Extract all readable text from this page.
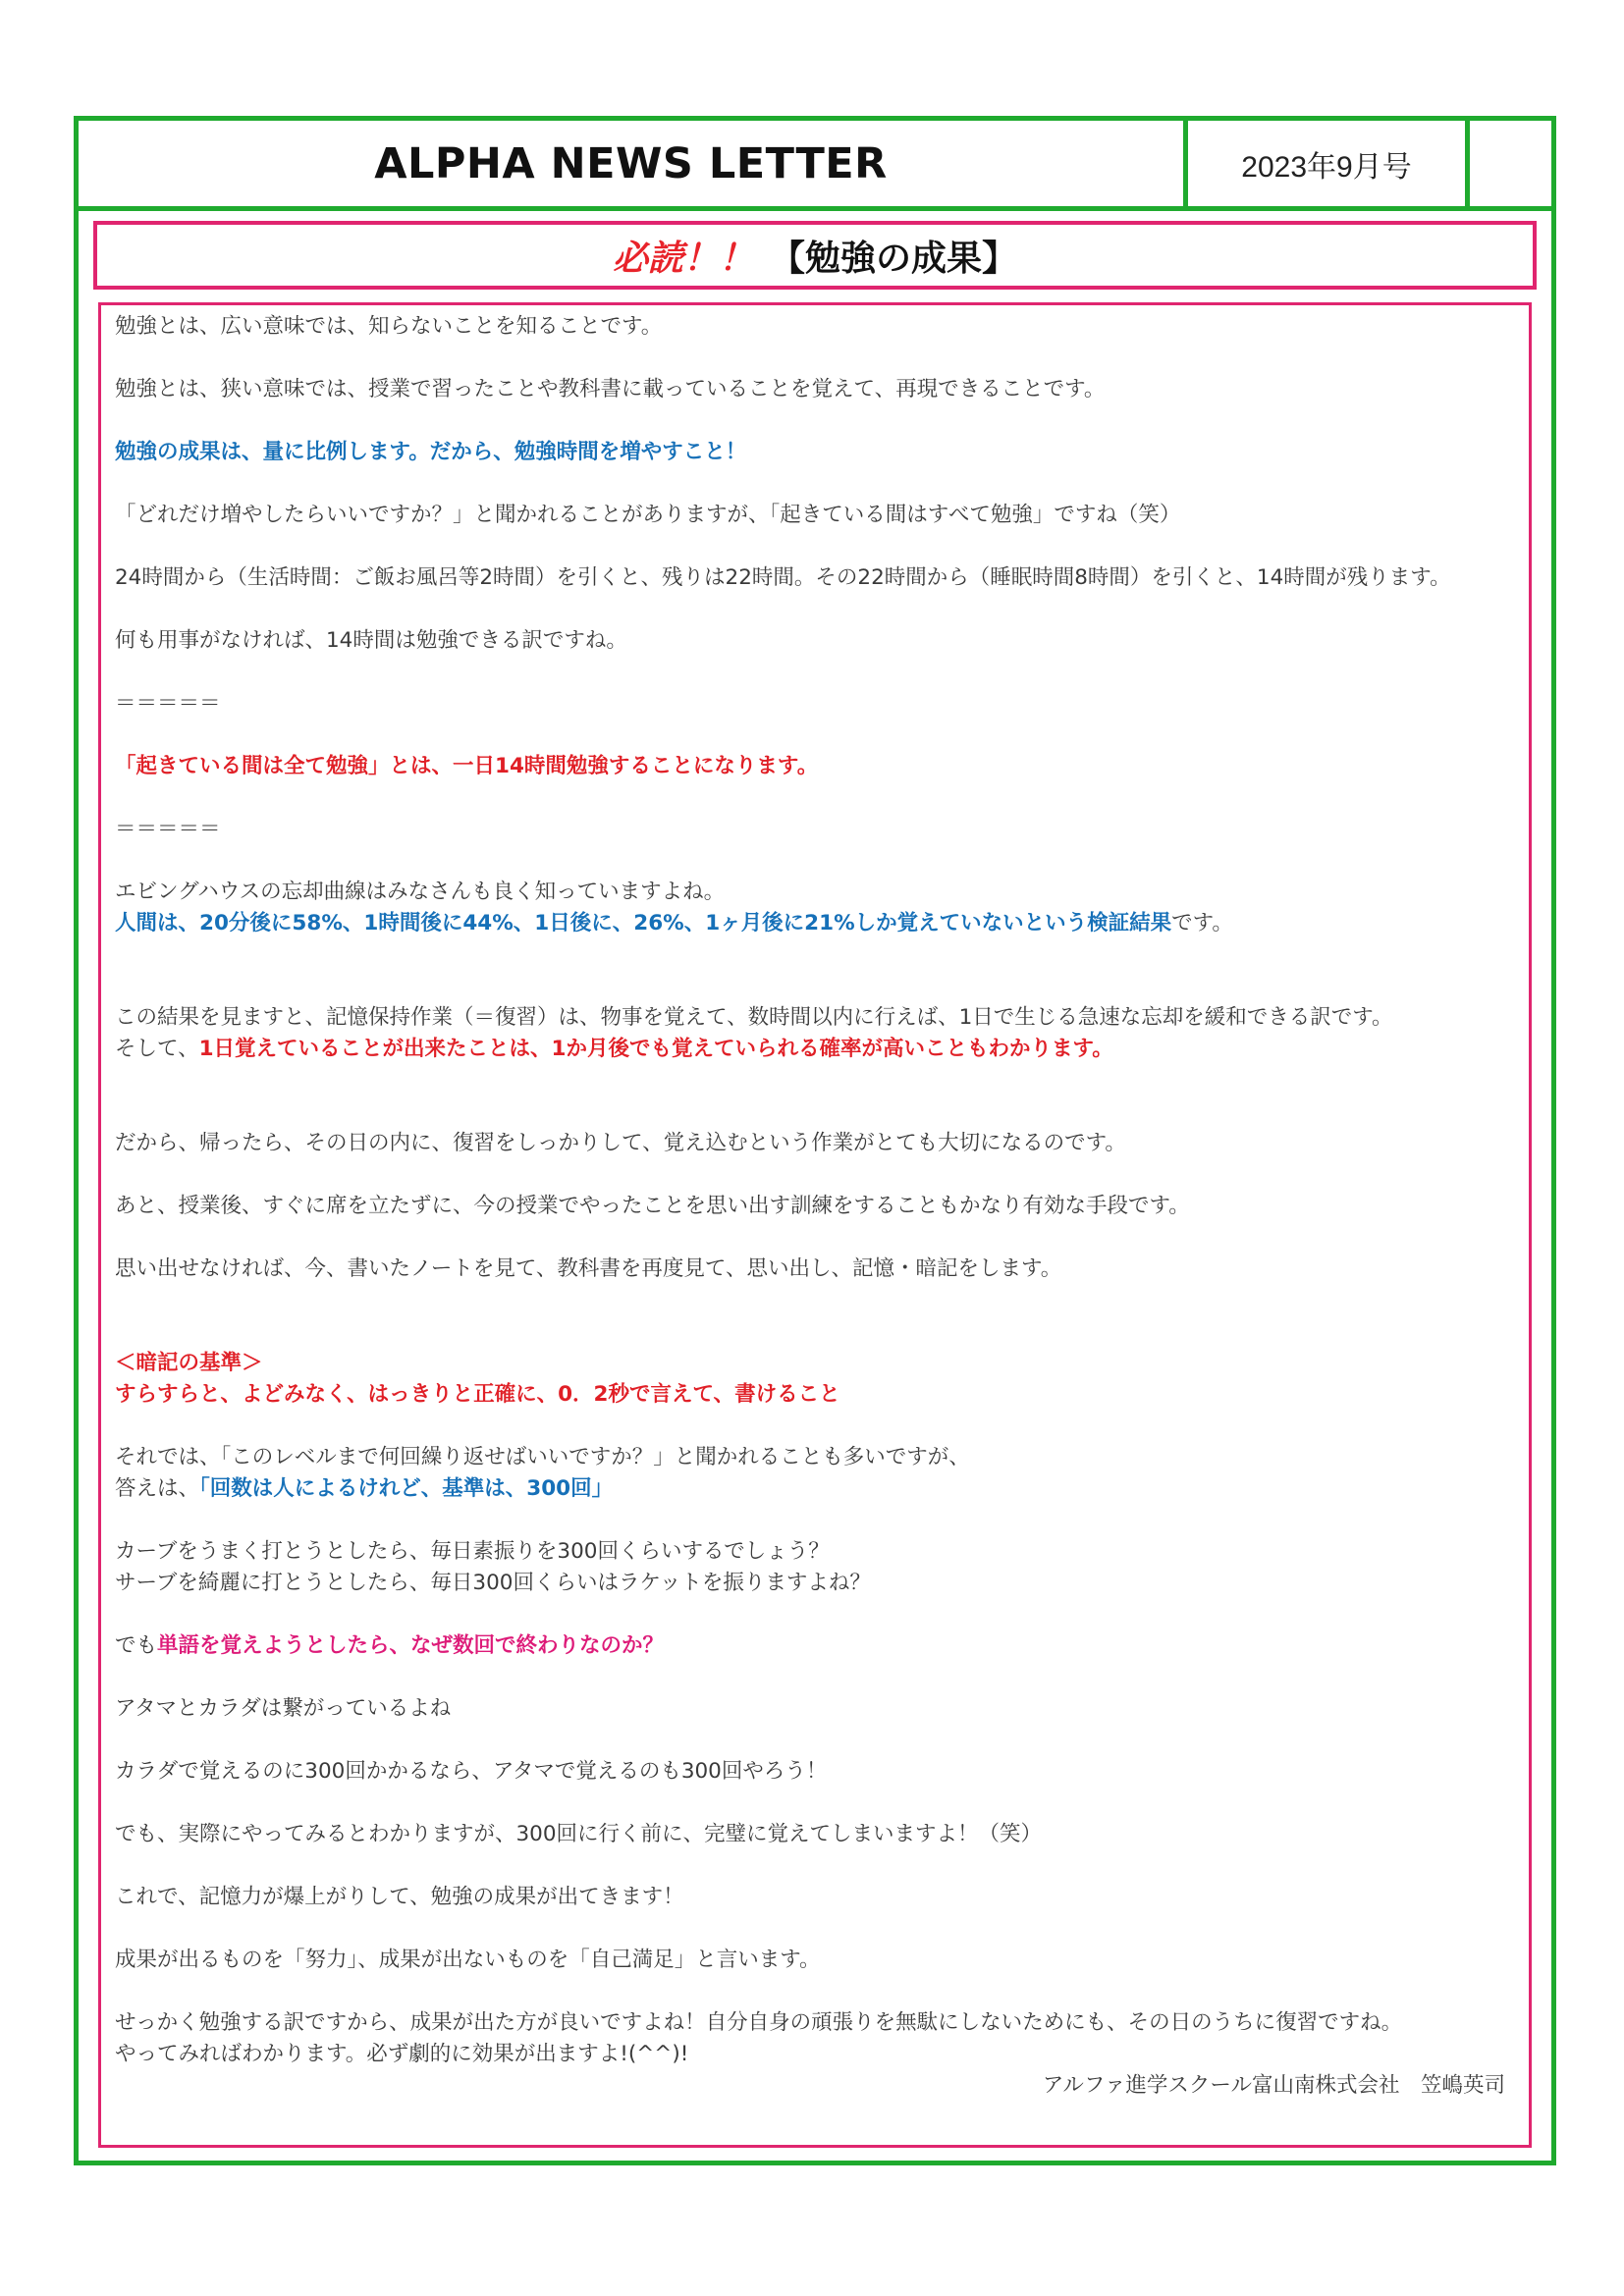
ALPHA NEWS LETTER	2023年9月号
必読！！ 【勉強の成果】

勉強とは、広い意味では、知らないことを知ることです。

勉強とは、狭い意味では、授業で習ったことや教科書に載っていることを覚えて、再現できることです。

勉強の成果は、量に比例します。だから、勉強時間を増やすこと！

「どれだけ増やしたらいいですか？」と聞かれることがありますが、「起きている間はすべて勉強」ですね（笑）

24時間から（生活時間：ご飯お風呂等2時間）を引くと、残りは22時間。その22時間から（睡眠時間8時間）を引くと、14時間が残ります。

何も用事がなければ、14時間は勉強できる訳ですね。

＝＝＝＝＝

「起きている間は全て勉強」とは、一日14時間勉強することになります。

＝＝＝＝＝

エビングハウスの忘却曲線はみなさんも良く知っていますよね。

人間は、20分後に58%、1時間後に44%、1日後に、26%、1ヶ月後に21%しか覚えていないという検証結果です。

この結果を見ますと、記憶保持作業（＝復習）は、物事を覚えて、数時間以内に行えば、1日で生じる急速な忘却を緩和できる訳です。

そして、1日覚えていることが出来たことは、1か月後でも覚えていられる確率が高いこともわかります。

だから、帰ったら、その日の内に、復習をしっかりして、覚え込むという作業がとても大切になるのです。

あと、授業後、すぐに席を立たずに、今の授業でやったことを思い出す訓練をすることもかなり有効な手段です。

思い出せなければ、今、書いたノートを見て、教科書を再度見て、思い出し、記憶・暗記をします。

＜暗記の基準＞

すらすらと、よどみなく、はっきりと正確に、0．2秒で言えて、書けること

それでは、「このレベルまで何回繰り返せばいいですか？」と聞かれることも多いですが、

答えは、「回数は人によるけれど、基準は、300回」

カーブをうまく打とうとしたら、毎日素振りを300回くらいするでしょう？

サーブを綺麗に打とうとしたら、毎日300回くらいはラケットを振りますよね？

でも単語を覚えようとしたら、なぜ数回で終わりなのか？

アタマとカラダは繋がっているよね

カラダで覚えるのに300回かかるなら、アタマで覚えるのも300回やろう！

でも、実際にやってみるとわかりますが、300回に行く前に、完璧に覚えてしまいますよ！（笑）

これで、記憶力が爆上がりして、勉強の成果が出てきます！

成果が出るものを「努力」、成果が出ないものを「自己満足」と言います。

せっかく勉強する訳ですから、成果が出た方が良いですよね！自分自身の頑張りを無駄にしないためにも、その日のうちに復習ですね。

やってみればわかります。必ず劇的に効果が出ますよ!(^^)!

アルファ進学スクール富山南株式会社　笠嶋英司
